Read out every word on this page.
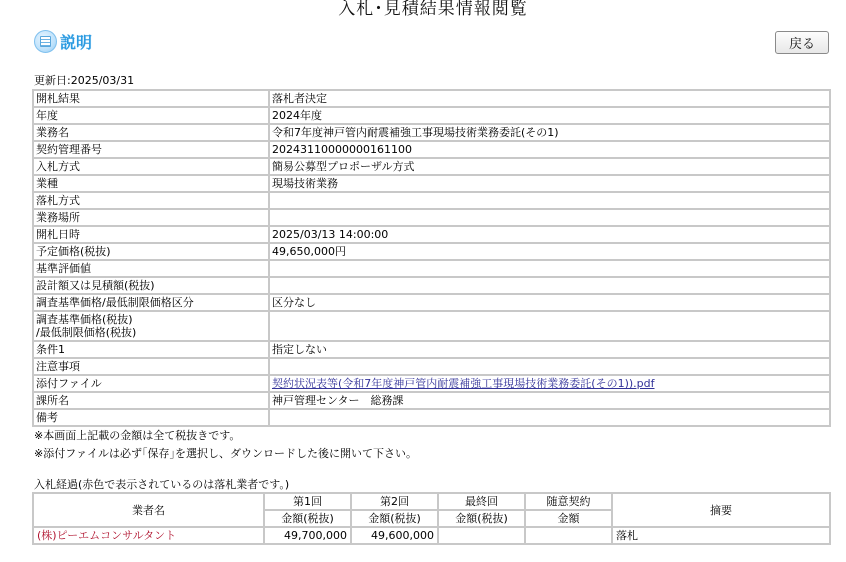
入札･見積結果情報閲覧
説明	戻る
更新日:2025/03/31
開札結果	落札者決定
年度	2024年度
業務名	令和7年度神戸管内耐震補強工事現場技術業務委託(その1)
契約管理番号	20243110000000161100
入札方式	簡易公募型プロポーザル方式
業種	現場技術業務
落札方式	
業務場所	
開札日時	2025/03/13 14:00:00
予定価格(税抜)	49,650,000円
基準評価値	
設計額又は見積額(税抜)	
調査基準価格/最低制限価格区分	区分なし
調査基準価格(税抜)
/最低制限価格(税抜)	
条件1	指定しない
注意事項	
添付ファイル	契約状況表等(令和7年度神戸管内耐震補強工事現場技術業務委託(その1)).pdf
課所名	神戸管理センター　総務課
備考	
※本画面上記載の金額は全て税抜きです。
※添付ファイルは必ず｢保存｣を選択し、ダウンロードした後に開いて下さい。
入札経過(赤色で表示されているのは落札業者です。)
業者名	第1回	第2回	最終回	随意契約	摘要
	金額(税抜)	金額(税抜)	金額(税抜)	金額	
(株)ピーエムコンサルタント	49,700,000	49,600,000			落札
